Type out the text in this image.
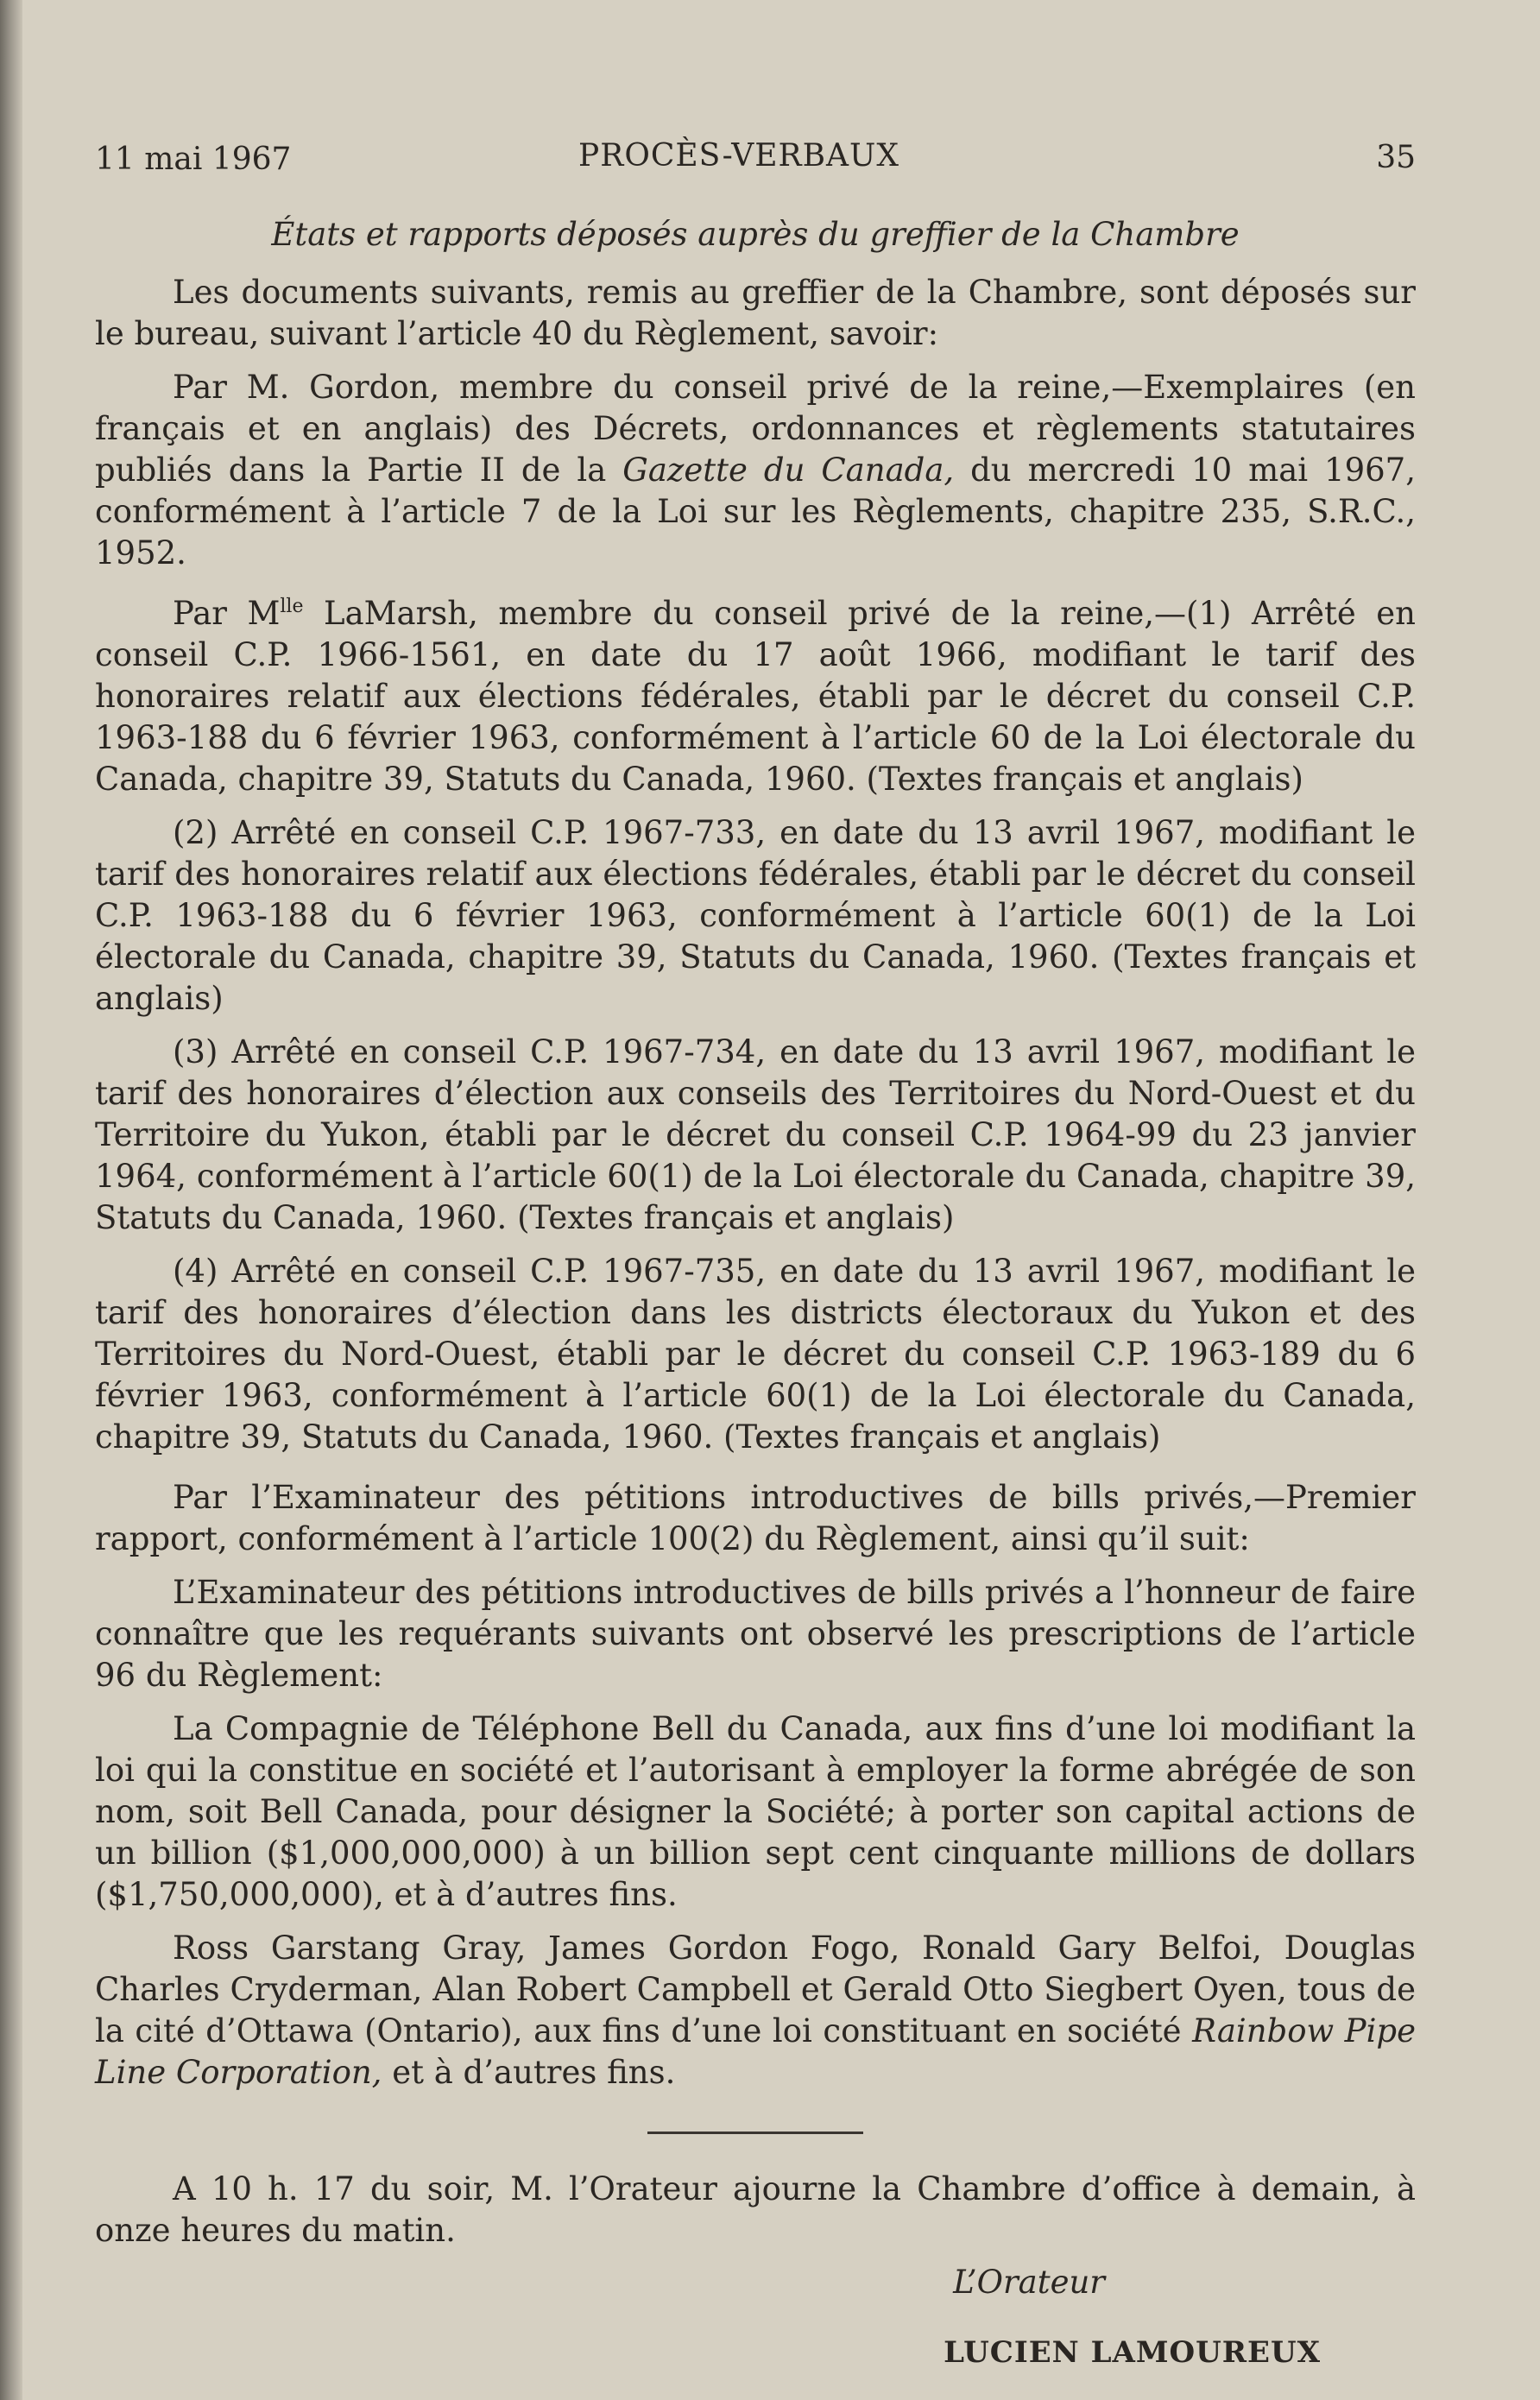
11 mai 1967	PROCÈS-VERBAUX	35
États et rapports déposés auprès du greffier de la Chambre

Les documents suivants, remis au greffier de la Chambre, sont déposés sur le bureau, suivant l’article 40 du Règlement, savoir:

Par M. Gordon, membre du conseil privé de la reine,—Exemplaires (en français et en anglais) des Décrets, ordonnances et règlements statutaires publiés dans la Partie II de la Gazette du Canada, du mercredi 10 mai 1967, conformément à l’article 7 de la Loi sur les Règlements, chapitre 235, S.R.C., 1952.

Par $M^{lle}$ LaMarsh, membre du conseil privé de la reine,—(1) Arrêté en conseil C.P. 1966-1561, en date du 17 août 1966, modifiant le tarif des honoraires relatif aux élections fédérales, établi par le décret du conseil C.P. 1963-188 du 6 février 1963, conformément à l’article 60 de la Loi électorale du Canada, chapitre 39, Statuts du Canada, 1960. (Textes français et anglais)

(2) Arrêté en conseil C.P. 1967-733, en date du 13 avril 1967, modifiant le tarif des honoraires relatif aux élections fédérales, établi par le décret du conseil C.P. 1963-188 du 6 février 1963, conformément à l’article 60(1) de la Loi électorale du Canada, chapitre 39, Statuts du Canada, 1960. (Textes français et anglais)

(3) Arrêté en conseil C.P. 1967-734, en date du 13 avril 1967, modifiant le tarif des honoraires d’élection aux conseils des Territoires du Nord-Ouest et du Territoire du Yukon, établi par le décret du conseil C.P. 1964-99 du 23 janvier 1964, conformément à l’article 60(1) de la Loi électorale du Canada, chapitre 39, Statuts du Canada, 1960. (Textes français et anglais)

(4) Arrêté en conseil C.P. 1967-735, en date du 13 avril 1967, modifiant le tarif des honoraires d’élection dans les districts électoraux du Yukon et des Territoires du Nord-Ouest, établi par le décret du conseil C.P. 1963-189 du 6 février 1963, conformément à l’article 60(1) de la Loi électorale du Canada, chapitre 39, Statuts du Canada, 1960. (Textes français et anglais)

Par l’Examinateur des pétitions introductives de bills privés,—Premier rapport, conformément à l’article 100(2) du Règlement, ainsi qu’il suit:

L’Examinateur des pétitions introductives de bills privés a l’honneur de faire connaître que les requérants suivants ont observé les prescriptions de l’article 96 du Règlement:

La Compagnie de Téléphone Bell du Canada, aux fins d’une loi modifiant la loi qui la constitue en société et l’autorisant à employer la forme abrégée de son nom, soit Bell Canada, pour désigner la Société; à porter son capital actions de un billion ($1,000,000,000) à un billion sept cent cinquante millions de dollars ($1,750,000,000), et à d’autres fins.

Ross Garstang Gray, James Gordon Fogo, Ronald Gary Belfoi, Douglas Charles Cryderman, Alan Robert Campbell et Gerald Otto Siegbert Oyen, tous de la cité d’Ottawa (Ontario), aux fins d’une loi constituant en société Rainbow Pipe Line Corporation, et à d’autres fins.

A 10 h. 17 du soir, M. l’Orateur ajourne la Chambre d’office à demain, à onze heures du matin.

L’Orateur
LUCIEN LAMOUREUX
